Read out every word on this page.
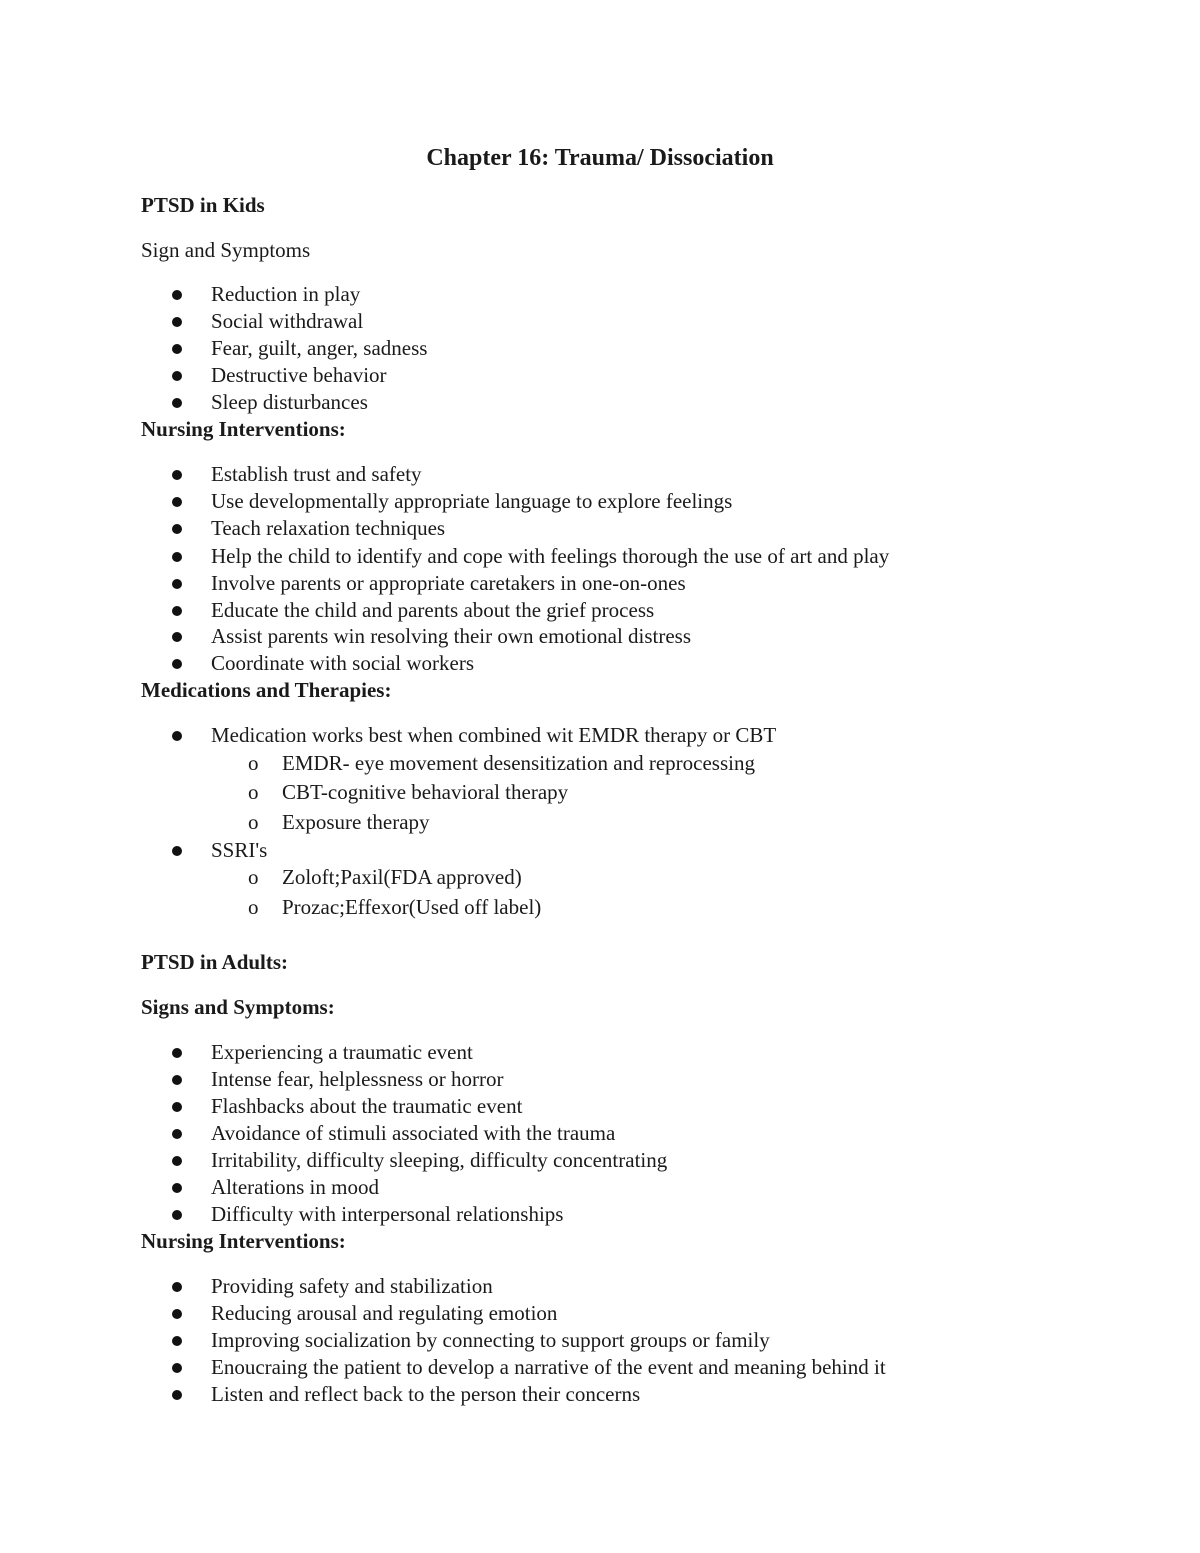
Chapter 16: Trauma/ Dissociation
PTSD in Kids
Sign and Symptoms
Reduction in play
Social withdrawal
Fear, guilt, anger, sadness
Destructive behavior
Sleep disturbances
Nursing Interventions:
Establish trust and safety
Use developmentally appropriate language to explore feelings
Teach relaxation techniques
Help the child to identify and cope with feelings thorough the use of art and play
Involve parents or appropriate caretakers in one-on-ones
Educate the child and parents about the grief process
Assist parents win resolving their own emotional distress
Coordinate with social workers
Medications and Therapies:
Medication works best when combined wit EMDR therapy or CBT
o	EMDR- eye movement desensitization and reprocessing
o	CBT-cognitive behavioral therapy
o	Exposure therapy
SSRI's
o	Zoloft;Paxil(FDA approved)
o	Prozac;Effexor(Used off label)
PTSD in Adults:
Signs and Symptoms:
Experiencing a traumatic event
Intense fear, helplessness or horror
Flashbacks about the traumatic event
Avoidance of stimuli associated with the trauma
Irritability, difficulty sleeping, difficulty concentrating
Alterations in mood
Difficulty with interpersonal relationships
Nursing Interventions:
Providing safety and stabilization
Reducing arousal and regulating emotion
Improving socialization by connecting to support groups or family
Enoucraing the patient to develop a narrative of the event and meaning behind it
Listen and reflect back to the person their concerns
